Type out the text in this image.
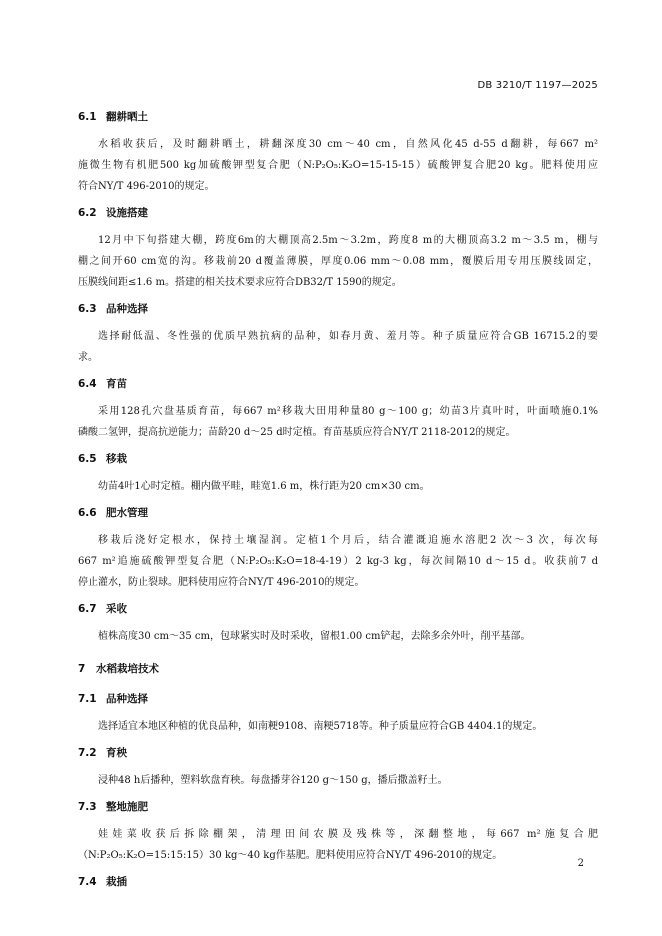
DB 3210/T 1197—2025
6.1 翻耕晒土
水稻收获后，及时翻耕晒土，耕翻深度30 cm～40 cm，自然风化45 d-55 d翻耕，每667 m²
施微生物有机肥500 kg加硫酸钾型复合肥（N:P₂O₅:K₂O=15-15-15）硫酸钾复合肥20 kg。肥料使用应
符合NY/T 496-2010的规定。
6.2 设施搭建
12月中下旬搭建大棚，跨度6m的大棚顶高2.5m～3.2m，跨度8 m的大棚顶高3.2 m～3.5 m，棚与
棚之间开60 cm宽的沟。移栽前20 d覆盖薄膜，厚度0.06 mm～0.08 mm，覆膜后用专用压膜线固定，
压膜线间距≤1.6 m。搭建的相关技术要求应符合DB32/T 1590的规定。
6.3 品种选择
选择耐低温、冬性强的优质早熟抗病的品种，如春月黄、羞月等。种子质量应符合GB 16715.2的要
求。
6.4 育苗
采用128孔穴盘基质育苗，每667 m²移栽大田用种量80 g～100 g；幼苗3片真叶时，叶面喷施0.1%
磷酸二氢钾，提高抗逆能力；苗龄20 d～25 d时定植。育苗基质应符合NY/T 2118-2012的规定。
6.5 移栽
幼苗4叶1心时定植。棚内做平畦，畦宽1.6 m，株行距为20 cm×30 cm。
6.6 肥水管理
移栽后浇好定根水，保持土壤湿润。定植1个月后，结合灌溉追施水溶肥2 次～3 次，每次每
667 m²追施硫酸钾型复合肥（N:P₂O₅:K₂O=18-4-19）2 kg-3 kg，每次间隔10 d～15 d。收获前7 d
停止灌水，防止裂球。肥料使用应符合NY/T 496-2010的规定。
6.7 采收
植株高度30 cm～35 cm，包球紧实时及时采收，留根1.00 cm铲起，去除多余外叶，削平基部。
7 水稻栽培技术
7.1 品种选择
选择适宜本地区种植的优良品种，如南粳9108、南粳5718等。种子质量应符合GB 4404.1的规定。
7.2 育秧
浸种48 h后播种，塑料软盘育秧。每盘播芽谷120 g～150 g，播后撒盖籽土。
7.3 整地施肥
娃娃菜收获后拆除棚架，清理田间农膜及残株等，深翻整地，每667 m²施复合肥
（N:P₂O₅:K₂O=15:15:15）30 kg～40 kg作基肥。肥料使用应符合NY/T 496-2010的规定。
7.4 栽插
2
